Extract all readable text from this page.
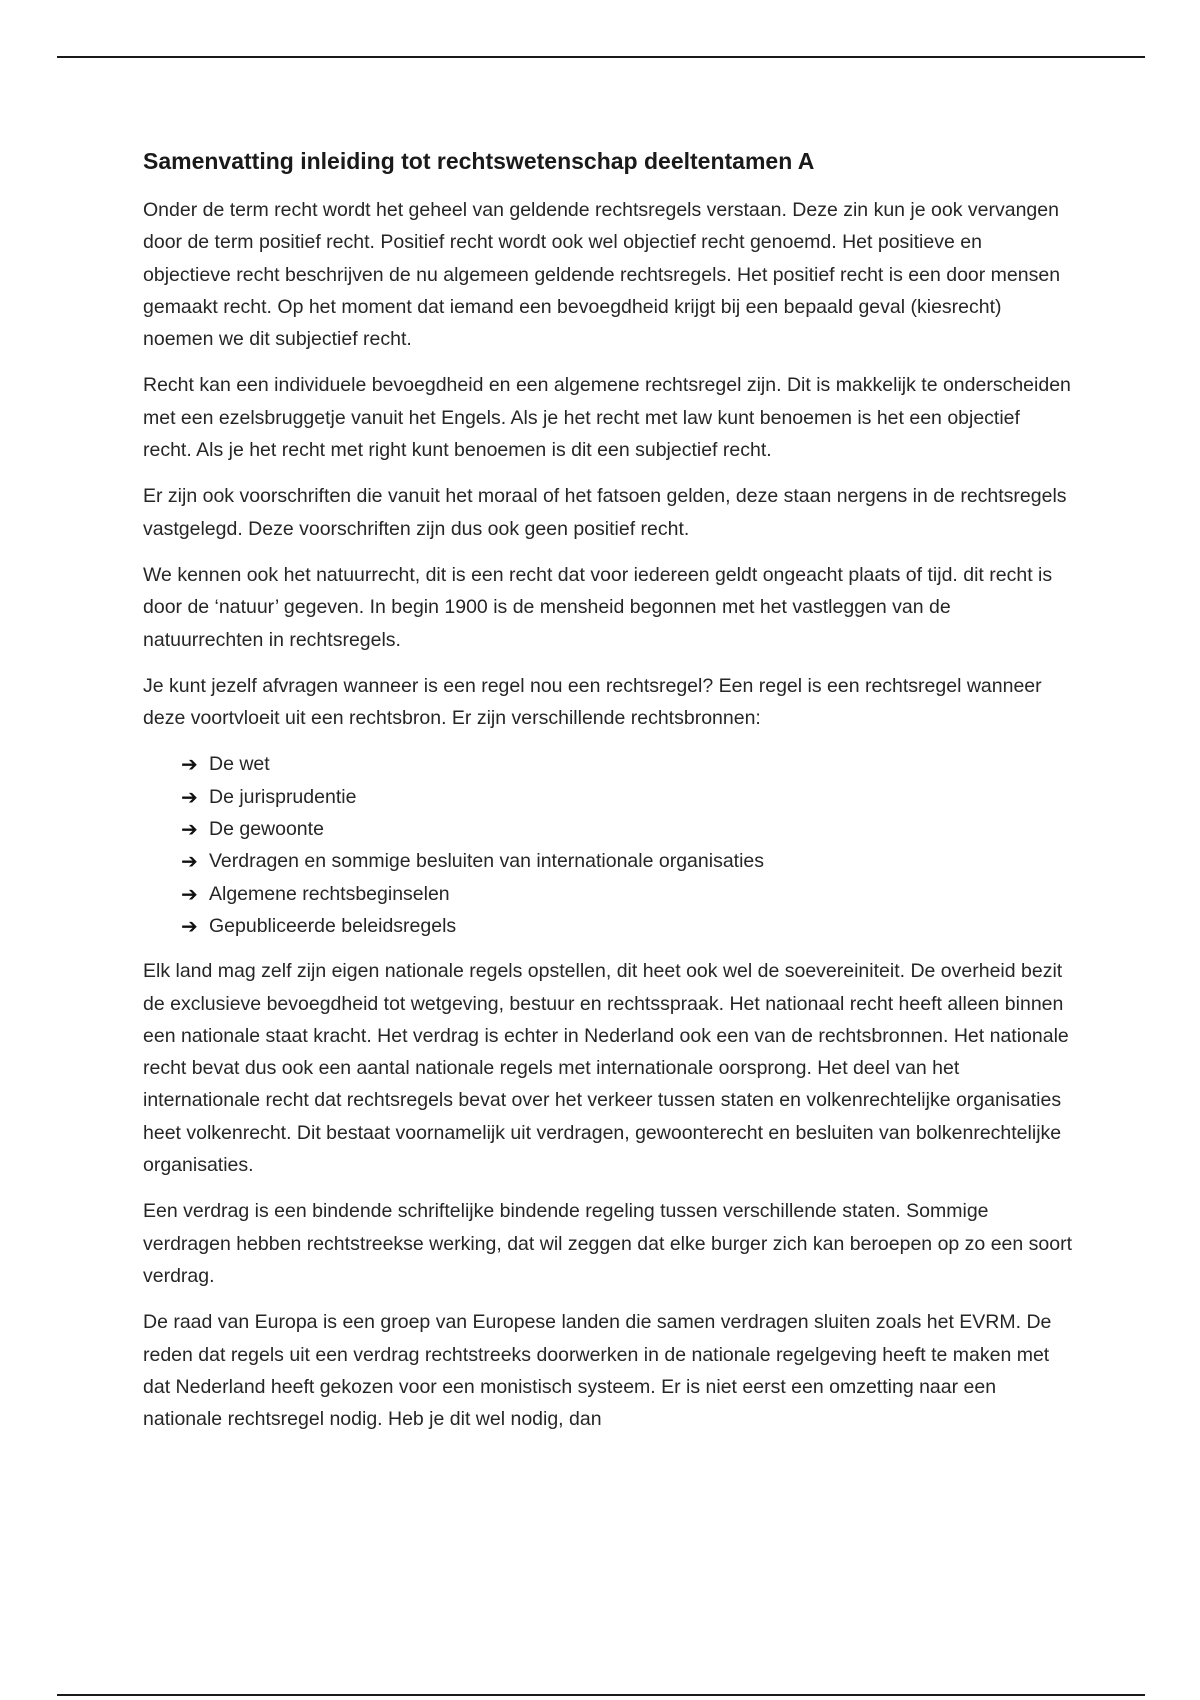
Samenvatting inleiding tot rechtswetenschap deeltentamen A

Onder de term recht wordt het geheel van geldende rechtsregels verstaan. Deze zin kun je ook vervangen door de term positief recht. Positief recht wordt ook wel objectief recht genoemd. Het positieve en objectieve recht beschrijven de nu algemeen geldende rechtsregels. Het positief recht is een door mensen gemaakt recht. Op het moment dat iemand een bevoegdheid krijgt bij een bepaald geval (kiesrecht) noemen we dit subjectief recht.

Recht kan een individuele bevoegdheid en een algemene rechtsregel zijn. Dit is makkelijk te onderscheiden met een ezelsbruggetje vanuit het Engels. Als je het recht met law kunt benoemen is het een objectief recht. Als je het recht met right kunt benoemen is dit een subjectief recht.

Er zijn ook voorschriften die vanuit het moraal of het fatsoen gelden, deze staan nergens in de rechtsregels vastgelegd. Deze voorschriften zijn dus ook geen positief recht.

We kennen ook het natuurrecht, dit is een recht dat voor iedereen geldt ongeacht plaats of tijd. dit recht is door de ‘natuur’ gegeven. In begin 1900 is de mensheid begonnen met het vastleggen van de natuurrechten in rechtsregels.

Je kunt jezelf afvragen wanneer is een regel nou een rechtsregel? Een regel is een rechtsregel wanneer deze voortvloeit uit een rechtsbron. Er zijn verschillende rechtsbronnen:

➔ De wet
➔ De jurisprudentie
➔ De gewoonte
➔ Verdragen en sommige besluiten van internationale organisaties
➔ Algemene rechtsbeginselen
➔ Gepubliceerde beleidsregels

Elk land mag zelf zijn eigen nationale regels opstellen, dit heet ook wel de soevereiniteit. De overheid bezit de exclusieve bevoegdheid tot wetgeving, bestuur en rechtsspraak. Het nationaal recht heeft alleen binnen een nationale staat kracht. Het verdrag is echter in Nederland ook een van de rechtsbronnen. Het nationale recht bevat dus ook een aantal nationale regels met internationale oorsprong. Het deel van het internationale recht dat rechtsregels bevat over het verkeer tussen staten en volkenrechtelijke organisaties heet volkenrecht. Dit bestaat voornamelijk uit verdragen, gewoonterecht en besluiten van bolkenrechtelijke organisaties.

Een verdrag is een bindende schriftelijke bindende regeling tussen verschillende staten. Sommige verdragen hebben rechtstreekse werking, dat wil zeggen dat elke burger zich kan beroepen op zo een soort verdrag.

De raad van Europa is een groep van Europese landen die samen verdragen sluiten zoals het EVRM. De reden dat regels uit een verdrag rechtstreeks doorwerken in de nationale regelgeving heeft te maken met dat Nederland heeft gekozen voor een monistisch systeem. Er is niet eerst een omzetting naar een nationale rechtsregel nodig. Heb je dit wel nodig, dan
